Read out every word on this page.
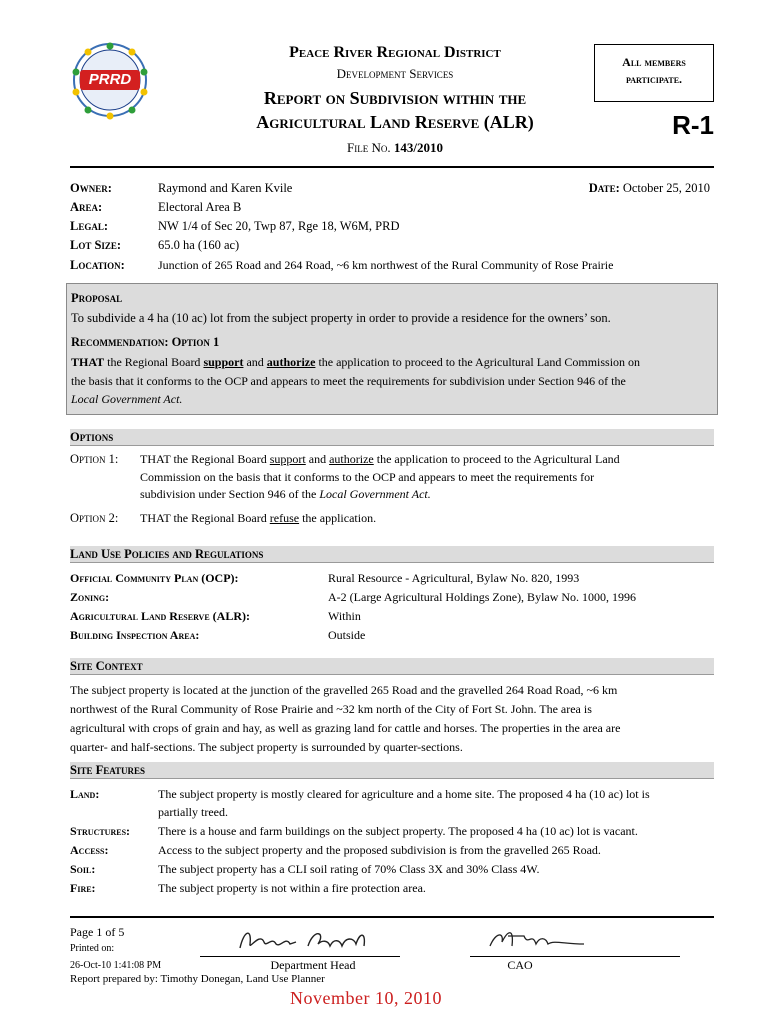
PRRD
Peace River Regional District
Development Services
Report on Subdivision within the
Agricultural Land Reserve (ALR)
File No. 143/2010
All members
participate.
R-1
Owner:	Raymond and Karen Kvile	Date: October 25, 2010
Area:	Electoral Area B
Legal:	NW 1/4 of Sec 20, Twp 87, Rge 18, W6M, PRD
Lot Size:	65.0 ha (160 ac)
Location:	Junction of 265 Road and 264 Road, ~6 km northwest of the Rural Community of Rose Prairie
Proposal
To subdivide a 4 ha (10 ac) lot from the subject property in order to provide a residence for the owners’ son.
Recommendation: Option 1
THAT the Regional Board support and authorize the application to proceed to the Agricultural Land Commission on
the basis that it conforms to the OCP and appears to meet the requirements for subdivision under Section 946 of the
Local Government Act.
Options
Option 1: THAT the Regional Board support and authorize the application to proceed to the Agricultural Land
Commission on the basis that it conforms to the OCP and appears to meet the requirements for
subdivision under Section 946 of the Local Government Act.
Option 2: THAT the Regional Board refuse the application.
Land Use Policies and Regulations
Official Community Plan (OCP):	Rural Resource - Agricultural, Bylaw No. 820, 1993
Zoning:	A-2 (Large Agricultural Holdings Zone), Bylaw No. 1000, 1996
Agricultural Land Reserve (ALR):	Within
Building Inspection Area:	Outside
Site Context
The subject property is located at the junction of the gravelled 265 Road and the gravelled 264 Road Road, ~6 km
northwest of the Rural Community of Rose Prairie and ~32 km north of the City of Fort St. John. The area is
agricultural with crops of grain and hay, as well as grazing land for cattle and horses. The properties in the area are
quarter- and half-sections. The subject property is surrounded by quarter-sections.
Site Features
Land:	The subject property is mostly cleared for agriculture and a home site. The proposed 4 ha (10 ac) lot is
partially treed.
Structures: There is a house and farm buildings on the subject property. The proposed 4 ha (10 ac) lot is vacant.
Access:	Access to the subject property and the proposed subdivision is from the gravelled 265 Road.
Soil:	The subject property has a CLI soil rating of 70% Class 3X and 30% Class 4W.
Fire:	The subject property is not within a fire protection area.
Page 1 of 5
Printed on:
26-Oct-10 1:41:08 PM
Report prepared by: Timothy Donegan, Land Use Planner
Department Head	CAO
November 10, 2010
